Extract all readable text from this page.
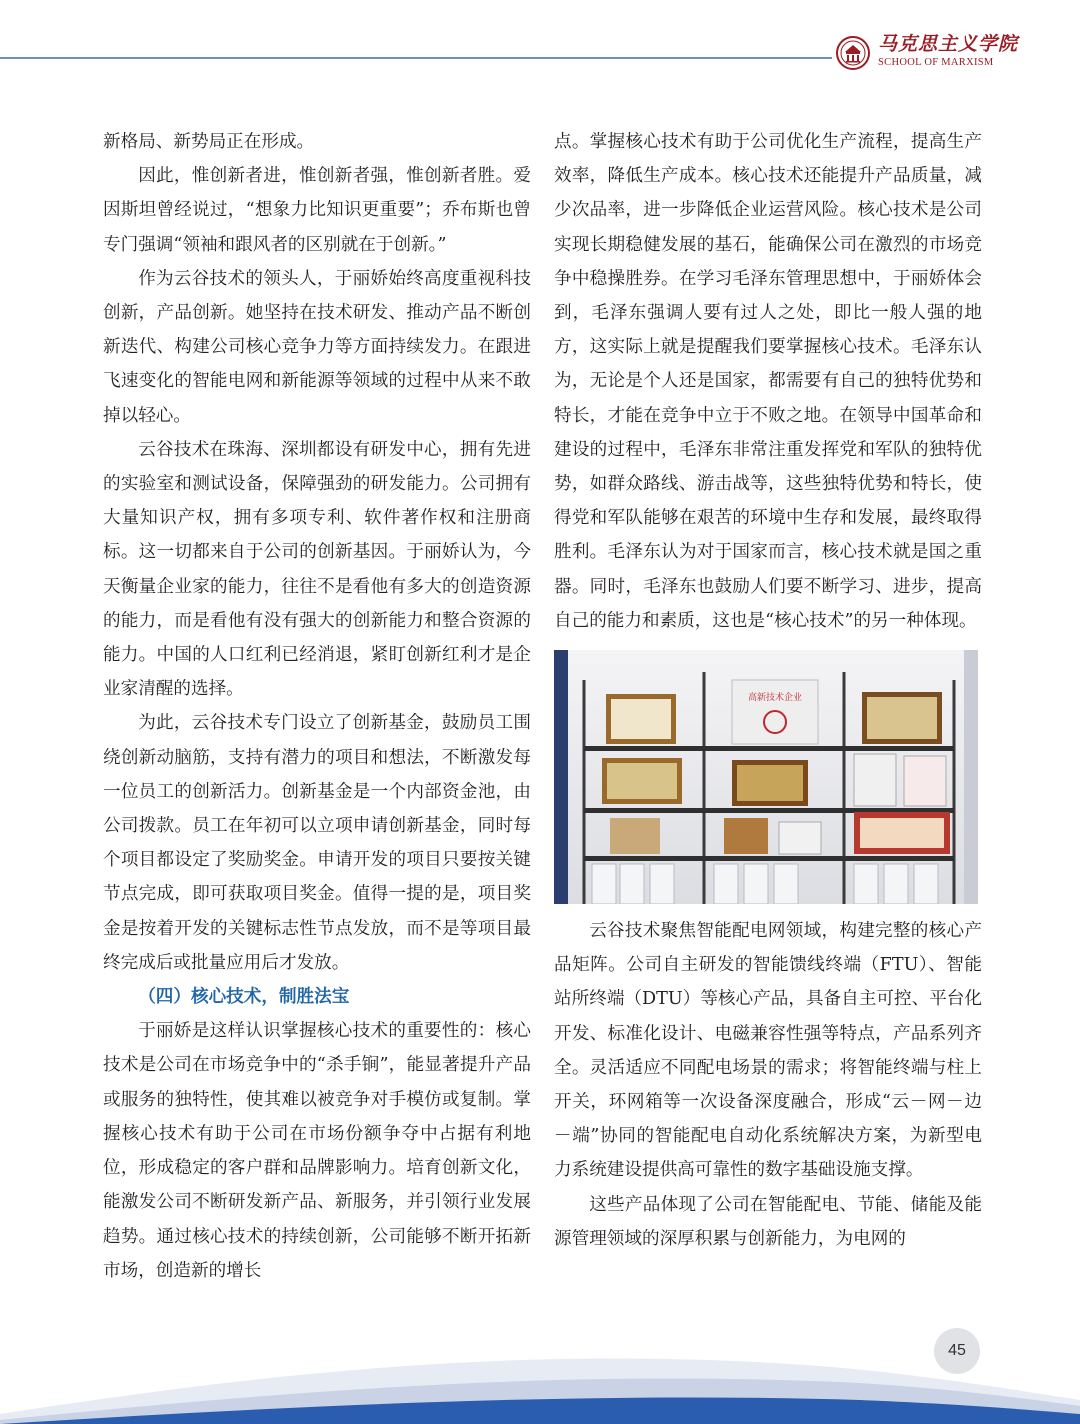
马克思主义学院
SCHOOL OF MARXISM

新格局、新势局正在形成。

因此，惟创新者进，惟创新者强，惟创新者胜。爱因斯坦曾经说过，“想象力比知识更重要”；乔布斯也曾专门强调“领袖和跟风者的区别就在于创新。”

作为云谷技术的领头人，于丽娇始终高度重视科技创新，产品创新。她坚持在技术研发、推动产品不断创新迭代、构建公司核心竞争力等方面持续发力。在跟进飞速变化的智能电网和新能源等领域的过程中从来不敢掉以轻心。

云谷技术在珠海、深圳都设有研发中心，拥有先进的实验室和测试设备，保障强劲的研发能力。公司拥有大量知识产权，拥有多项专利、软件著作权和注册商标。这一切都来自于公司的创新基因。于丽娇认为，今天衡量企业家的能力，往往不是看他有多大的创造资源的能力，而是看他有没有强大的创新能力和整合资源的能力。中国的人口红利已经消退，紧盯创新红利才是企业家清醒的选择。

为此，云谷技术专门设立了创新基金，鼓励员工围绕创新动脑筋，支持有潜力的项目和想法，不断激发每一位员工的创新活力。创新基金是一个内部资金池，由公司拨款。员工在年初可以立项申请创新基金，同时每个项目都设定了奖励奖金。申请开发的项目只要按关键节点完成，即可获取项目奖金。值得一提的是，项目奖金是按着开发的关键标志性节点发放，而不是等项目最终完成后或批量应用后才发放。

（四）核心技术，制胜法宝

于丽娇是这样认识掌握核心技术的重要性的：核心技术是公司在市场竞争中的“杀手锏”，能显著提升产品或服务的独特性，使其难以被竞争对手模仿或复制。掌握核心技术有助于公司在市场份额争夺中占据有利地位，形成稳定的客户群和品牌影响力。培育创新文化，能激发公司不断研发新产品、新服务，并引领行业发展趋势。通过核心技术的持续创新，公司能够不断开拓新市场，创造新的增长

点。掌握核心技术有助于公司优化生产流程，提高生产效率，降低生产成本。核心技术还能提升产品质量，减少次品率，进一步降低企业运营风险。核心技术是公司实现长期稳健发展的基石，能确保公司在激烈的市场竞争中稳操胜券。在学习毛泽东管理思想中，于丽娇体会到，毛泽东强调人要有过人之处，即比一般人强的地方，这实际上就是提醒我们要掌握核心技术。毛泽东认为，无论是个人还是国家，都需要有自己的独特优势和特长，才能在竞争中立于不败之地。在领导中国革命和建设的过程中，毛泽东非常注重发挥党和军队的独特优势，如群众路线、游击战等，这些独特优势和特长，使得党和军队能够在艰苦的环境中生存和发展，最终取得胜利。毛泽东认为对于国家而言，核心技术就是国之重器。同时，毛泽东也鼓励人们要不断学习、进步，提高自己的能力和素质，这也是“核心技术”的另一种体现。

高新技术企业

云谷技术聚焦智能配电网领域，构建完整的核心产品矩阵。公司自主研发的智能馈线终端（FTU）、智能站所终端（DTU）等核心产品，具备自主可控、平台化开发、标准化设计、电磁兼容性强等特点，产品系列齐全。灵活适应不同配电场景的需求；将智能终端与柱上开关，环网箱等一次设备深度融合，形成“云－网－边－端”协同的智能配电自动化系统解决方案，为新型电力系统建设提供高可靠性的数字基础设施支撑。

这些产品体现了公司在智能配电、节能、储能及能源管理领域的深厚积累与创新能力，为电网的

45
